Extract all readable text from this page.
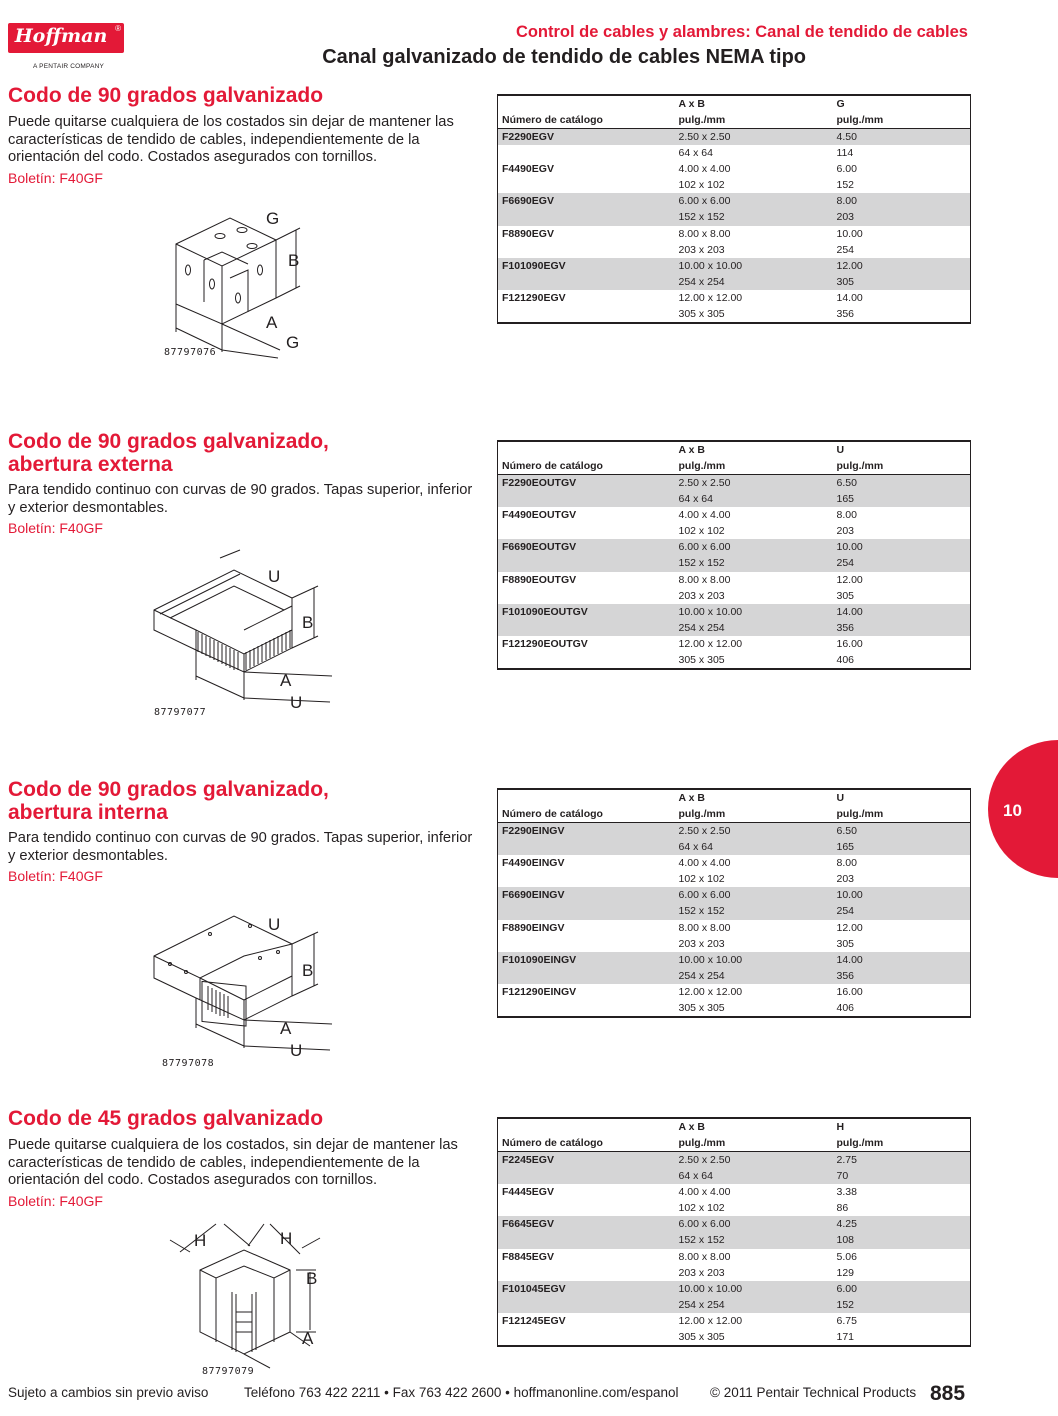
Hoffman ®
A PENTAIR COMPANY
Control de cables y alambres: Canal de tendido de cables
Canal galvanizado de tendido de cables NEMA tipo
Codo de 90 grados galvanizado
Puede quitarse cualquiera de los costados sin dejar de mantener las características de tendido de cables, independientemente de la orientación del codo. Costados asegurados con tornillos.
Boletín: F40GF
G
B
A
G
87797076
	A x B	G
Número de catálogo	pulg./mm	pulg./mm
F2290EGV	2.50 x 2.50	4.50
	64 x 64	114
F4490EGV	4.00 x 4.00	6.00
	102 x 102	152
F6690EGV	6.00 x 6.00	8.00
	152 x 152	203
F8890EGV	8.00 x 8.00	10.00
	203 x 203	254
F101090EGV	10.00 x 10.00	12.00
	254 x 254	305
F121290EGV	12.00 x 12.00	14.00
	305 x 305	356
Codo de 90 grados galvanizado,
abertura externa
Para tendido continuo con curvas de 90 grados. Tapas superior, inferior y exterior desmontables.
Boletín: F40GF
U
B
A
U
87797077
	A x B	U
Número de catálogo	pulg./mm	pulg./mm
F2290EOUTGV	2.50 x 2.50	6.50
	64 x 64	165
F4490EOUTGV	4.00 x 4.00	8.00
	102 x 102	203
F6690EOUTGV	6.00 x 6.00	10.00
	152 x 152	254
F8890EOUTGV	8.00 x 8.00	12.00
	203 x 203	305
F101090EOUTGV	10.00 x 10.00	14.00
	254 x 254	356
F121290EOUTGV	12.00 x 12.00	16.00
	305 x 305	406
Codo de 90 grados galvanizado,
abertura interna
Para tendido continuo con curvas de 90 grados. Tapas superior, inferior y exterior desmontables.
Boletín: F40GF
U
B
A
U
87797078
	A x B	U
Número de catálogo	pulg./mm	pulg./mm
F2290EINGV	2.50 x 2.50	6.50
	64 x 64	165
F4490EINGV	4.00 x 4.00	8.00
	102 x 102	203
F6690EINGV	6.00 x 6.00	10.00
	152 x 152	254
F8890EINGV	8.00 x 8.00	12.00
	203 x 203	305
F101090EINGV	10.00 x 10.00	14.00
	254 x 254	356
F121290EINGV	12.00 x 12.00	16.00
	305 x 305	406
Codo de 45 grados galvanizado
Puede quitarse cualquiera de los costados, sin dejar de mantener las características de tendido de cables, independientemente de la orientación del codo. Costados asegurados con tornillos.
Boletín: F40GF
H	H
B
A
87797079
	A x B	H
Número de catálogo	pulg./mm	pulg./mm
F2245EGV	2.50 x 2.50	2.75
	64 x 64	70
F4445EGV	4.00 x 4.00	3.38
	102 x 102	86
F6645EGV	6.00 x 6.00	4.25
	152 x 152	108
F8845EGV	8.00 x 8.00	5.06
	203 x 203	129
F101045EGV	10.00 x 10.00	6.00
	254 x 254	152
F121245EGV	12.00 x 12.00	6.75
	305 x 305	171
10
Sujeto a cambios sin previo aviso	Teléfono 763 422 2211 • Fax 763 422 2600 • hoffmanonline.com/espanol © 2011 Pentair Technical Products 885
